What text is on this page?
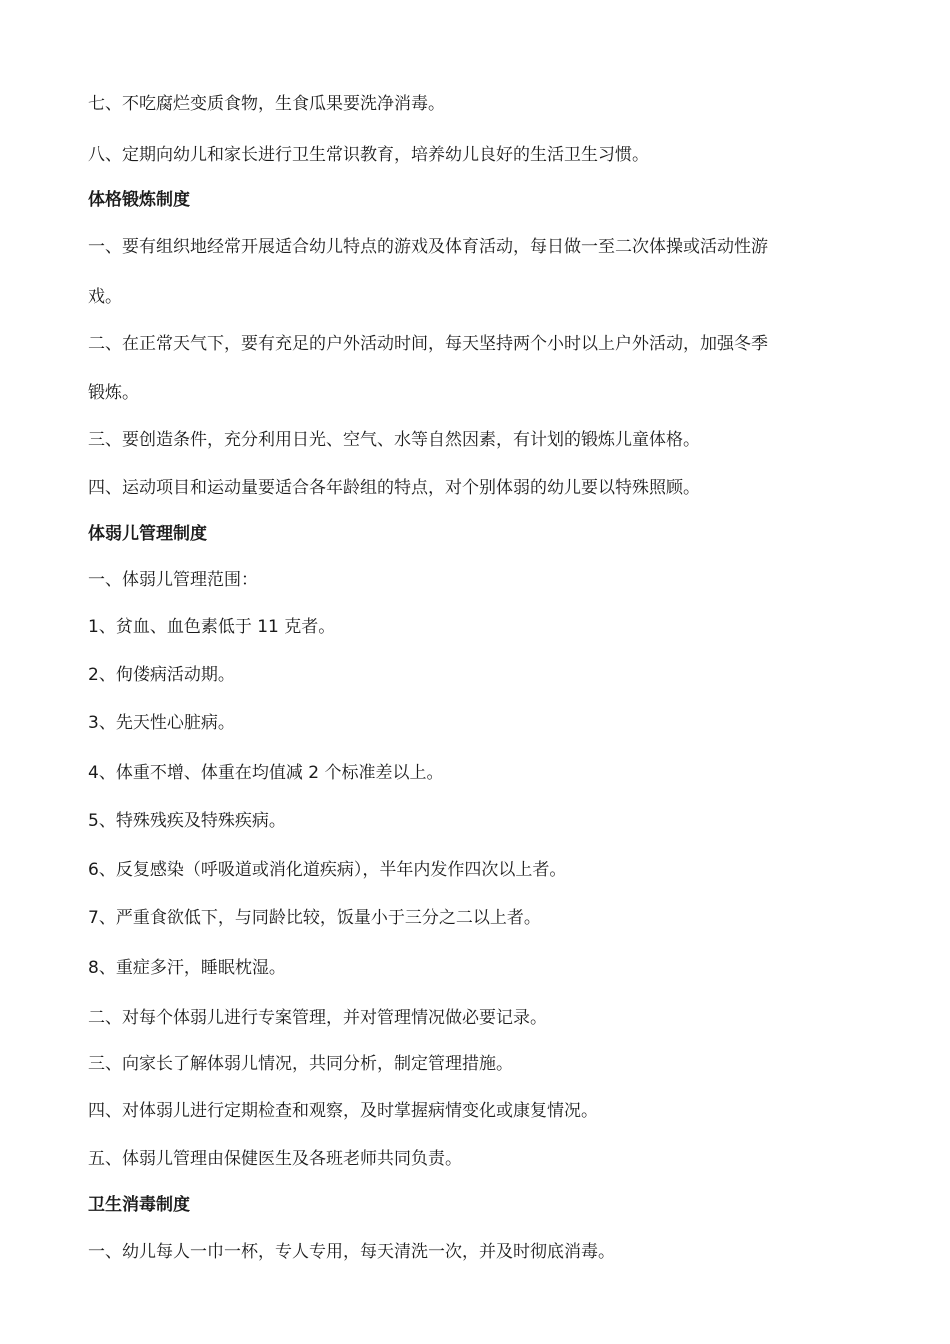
七、不吃腐烂变质食物，生食瓜果要洗净消毒。
八、定期向幼儿和家长进行卫生常识教育，培养幼儿良好的生活卫生习惯。
体格锻炼制度
一、要有组织地经常开展适合幼儿特点的游戏及体育活动，每日做一至二次体操或活动性游
戏。
二、在正常天气下，要有充足的户外活动时间，每天坚持两个小时以上户外活动，加强冬季
锻炼。
三、要创造条件，充分利用日光、空气、水等自然因素，有计划的锻炼儿童体格。
四、运动项目和运动量要适合各年龄组的特点，对个别体弱的幼儿要以特殊照顾。
体弱儿管理制度
一、体弱儿管理范围：
1、贫血、血色素低于 11 克者。
2、佝偻病活动期。
3、先天性心脏病。
4、体重不增、体重在均值减 2 个标准差以上。
5、特殊残疾及特殊疾病。
6、反复感染（呼吸道或消化道疾病），半年内发作四次以上者。
7、严重食欲低下，与同龄比较，饭量小于三分之二以上者。
8、重症多汗，睡眠枕湿。
二、对每个体弱儿进行专案管理，并对管理情况做必要记录。
三、向家长了解体弱儿情况，共同分析，制定管理措施。
四、对体弱儿进行定期检查和观察，及时掌握病情变化或康复情况。
五、体弱儿管理由保健医生及各班老师共同负责。
卫生消毒制度
一、幼儿每人一巾一杯，专人专用，每天清洗一次，并及时彻底消毒。
